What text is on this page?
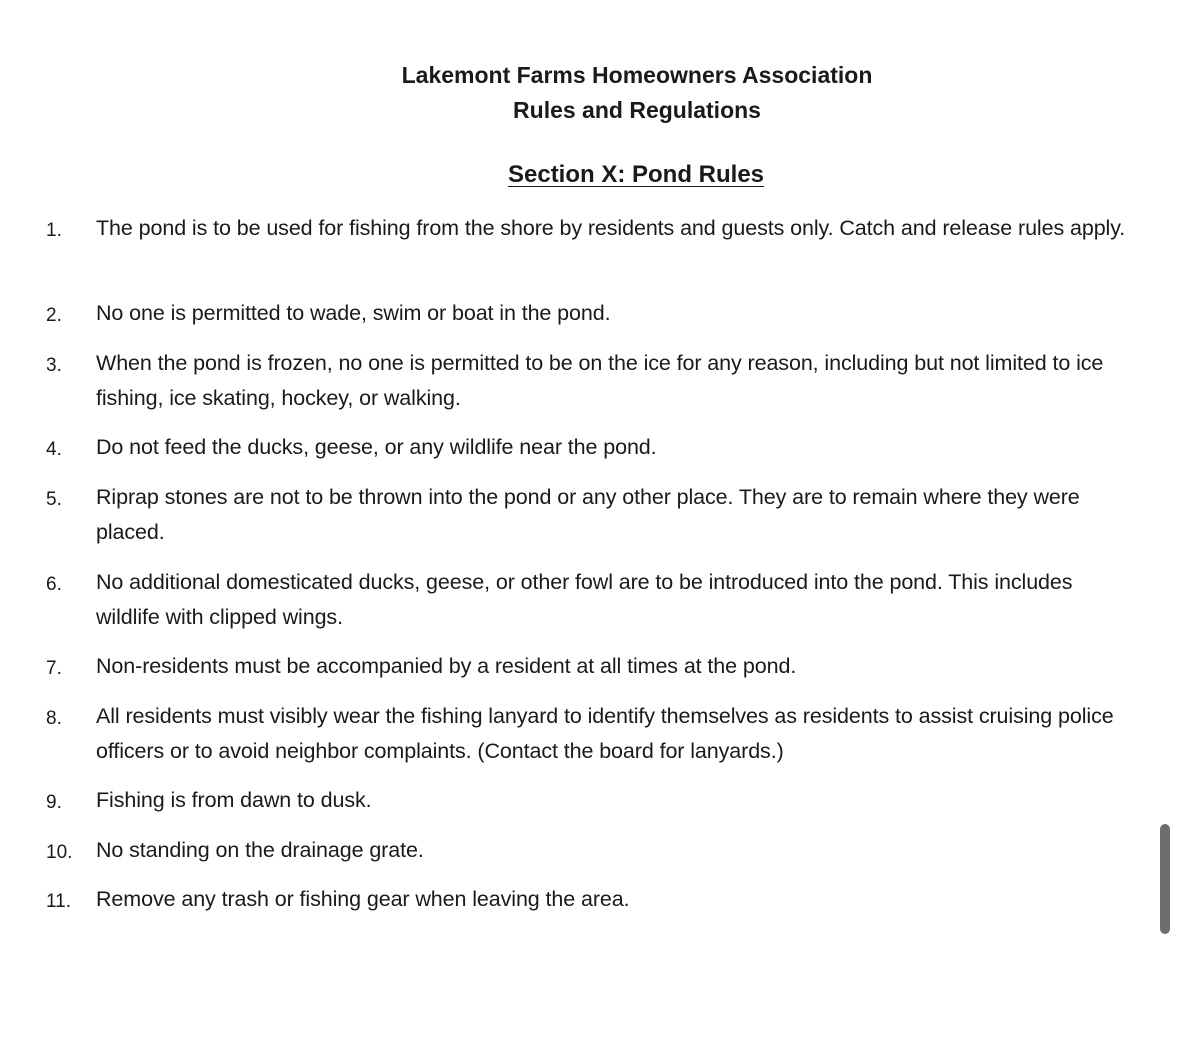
Lakemont Farms Homeowners Association
Rules and Regulations
Section X: Pond Rules
1.	The pond is to be used for fishing from the shore by residents and guests only. Catch and release rules apply.
2.	No one is permitted to wade, swim or boat in the pond.
3.	When the pond is frozen, no one is permitted to be on the ice for any reason, including but not limited to ice fishing, ice skating, hockey, or walking.
4.	Do not feed the ducks, geese, or any wildlife near the pond.
5.	Riprap stones are not to be thrown into the pond or any other place. They are to remain where they were placed.
6.	No additional domesticated ducks, geese, or other fowl are to be introduced into the pond. This includes wildlife with clipped wings.
7.	Non-residents must be accompanied by a resident at all times at the pond.
8.	All residents must visibly wear the fishing lanyard to identify themselves as residents to assist cruising police officers or to avoid neighbor complaints. (Contact the board for lanyards.)
9.	Fishing is from dawn to dusk.
10.	No standing on the drainage grate.
11.	Remove any trash or fishing gear when leaving the area.
